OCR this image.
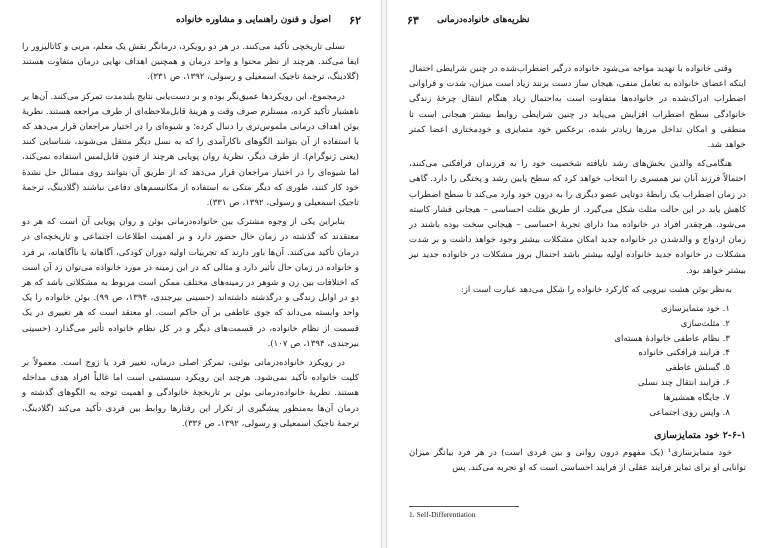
۶۲
اصول و فنون راهنمایی و مشاوره خانواده

نسلی تاریخچی تأکید می‌کنند. در هر دو رویکرد، درمانگر نقش یک معلم، مربی و کاتالیزور را ایفا می‌کند. هرچند از نظر محتوا و واحد درمان و همچنین اهداف نهایی درمان متفاوت هستند (گلادینگ، ترجمهٔ تاجیک اسمعیلی و رسولی، ۱۳۹۲، ص ۳۳۱).

درمجموع، این رویکردها عمیق‌نگر بوده و بر دست‌یابی نتایج بلندمدت تمرکز می‌کنند. آن‌ها بر ناهشیار تأکید کرده، مستلزم صرف وقت و هزینهٔ قابل‌ملاحظه‌ای از طرف مراجعه هستند. نظریهٔ بوئن اهداف درمانی ملموس‌تری را دنبال کرده؛ و شیوه‌ای را در اختیار مراجعان قرار می‌دهد که با استفاده از آن بتوانند الگوهای ناکارآمدی را که به نسل دیگر منتقل می‌شوند، شناسایی کنند (یعنی ژنوگرام). از طرف دیگر، نظریهٔ روان پویایی هرچند از فنون قابل‌لمس استفاده نمی‌کند، اما شیوه‌ای را در اختیار مراجعان قرار می‌دهد که از طریق آن بتوانند روی مسائل حل نشدهٔ خود کار کنند، طوری که دیگر متکی به استفاده از مکانیسم‌های دفاعی نباشند (گلادینگ، ترجمهٔ تاجیک اسمعیلی و رسولی، ۱۳۹۲، ص ۳۳۱).

بنابراین یکی از وجوه مشترک بین خانواده‌درمانی بوئن و روان پویایی آن است که هر دو معتقدند که گذشته در زمان حال حضور دارد و بر اهمیت اطلاعات اجتماعی و تاریخچه‌ای در درمان تأکید می‌کنند. آن‌ها باور دارند که تجربیات اولیه دوران کودکی، آگاهانه یا ناآگاهانه، بر فرد و خانواده در زمان حال تأثیر دارد و مثالی که در این زمینه در مورد خانواده می‌توان زد آن است که اختلافات بین زن و شوهر در زمینه‌های مختلف ممکن است مربوط به مشکلاتی باشد که هر دو در اوایل زندگی و درگذشته داشته‌اند (حسینی بیرجندی، ۱۳۹۴، ص ۹۹). بوئن خانواده را یک واحد وابسته می‌داند که جوی عاطفی بر آن حاکم است. او معتقد است که هر تغییری در یک قسمت از نظام خانواده، در قسمت‌های دیگر و در کل نظام خانواده تأثیر می‌گذارد (حسینی بیرجندی، ۱۳۹۴، ص ۱۰۷).

در رویکرد خانواده‌درمانی بوئنی، تمرکز اصلی درمان، تغییر فرد یا زوج است. معمولاً بر کلیت خانواده تأکید نمی‌شود. هرچند این رویکرد سیستمی است اما غالباً افراد هدف مداخله هستند. نظریهٔ خانواده‌درمانی بوئن بر تاریخچهٔ خانوادگی و اهمیت توجه به الگوهای گذشته و درمان آن‌ها به‌منظور پیشگیری از تکرار این رفتارها روابط بین فردی تأکید می‌کند (گلادینگ، ترجمهٔ تاجیک اسمعیلی و رسولی، ۱۳۹۲، ص ۳۳۶).

۶۳ نظریه‌های خانواده‌درمانی

وقتی خانواده با تهدید مواجه می‌شود خانواده درگیر اضطراب‌شده در چنین شرایطی احتمال اینکه اعضای خانواده به تعامل منفی، هیجان ساز دست بزنند زیاد است میزان، شدت و فراوانی اضطراب ادراک‌شده در خانواده‌ها متفاوت است به‌احتمال زیاد هنگام انتقال چرخهٔ زندگی خانوادگی سطح اضطراب افزایش می‌یابد در چنین شرایطی روابط بیشتر هیجانی است تا منطقی و امکان تداخل مرزها زیادتر شده، برعکس خود متمایزی و خودمختاری اعضا کمتر خواهد شد.

هنگامی‌که والدین بخش‌های رشد نایافته شخصیت خود را به فرزندان فرافکنی می‌کنند، احتمالاً فرزند آنان نیز همسری را انتخاب خواهد کرد که سطح پایین رشد و پختگی را دارد. گاهی در زمان اضطراب یک رابطهٔ دوتایی عضو دیگری را به درون خود وارد می‌کند تا سطح اضطراب کاهش یابد در این حالت مثلث شکل می‌گیرد. از طریق مثلث احساسی – هیجانی فشار کاسته می‌شود. هرچقدر افراد در خانواده مدا دارای تجربهٔ احساسی – هیجانی سخت بوده باشند در زمان ازدواج و والدشدن در خانواده جدید امکان مشکلات بیشتر وجود خواهد داشت و بر شدت مشکلات در خانواده جدید خانواده اولیه بیشتر باشد احتمال بروز مشکلات در خانواده جدید نیز بیشتر خواهد بود.

به‌نظر بوئن هشت نیرویی که کارکرد خانواده را شکل می‌دهد عبارت است از:

۱. خود متمایزسازی
۲. مثلث‌سازی
۳. نظام عاطفی خانوادهٔ هسته‌ای
۴. فرایند فرافکنی خانواده
۵. گسلش عاطفی
۶. فرایند انتقال چند نسلی
۷. جایگاه همشیرها
۸. واپس روی اجتماعی
۲-۶-۱ خود متمایزسازی

خود متمایزسازی¹ (یک مفهوم درون روانی و بین فردی است) در هر فرد بیانگر میزان توانایی او برای تمایز فرایند عقلی از فرایند احساسی است که او تجربه می‌کند. پس

1. Self-Differentiation
